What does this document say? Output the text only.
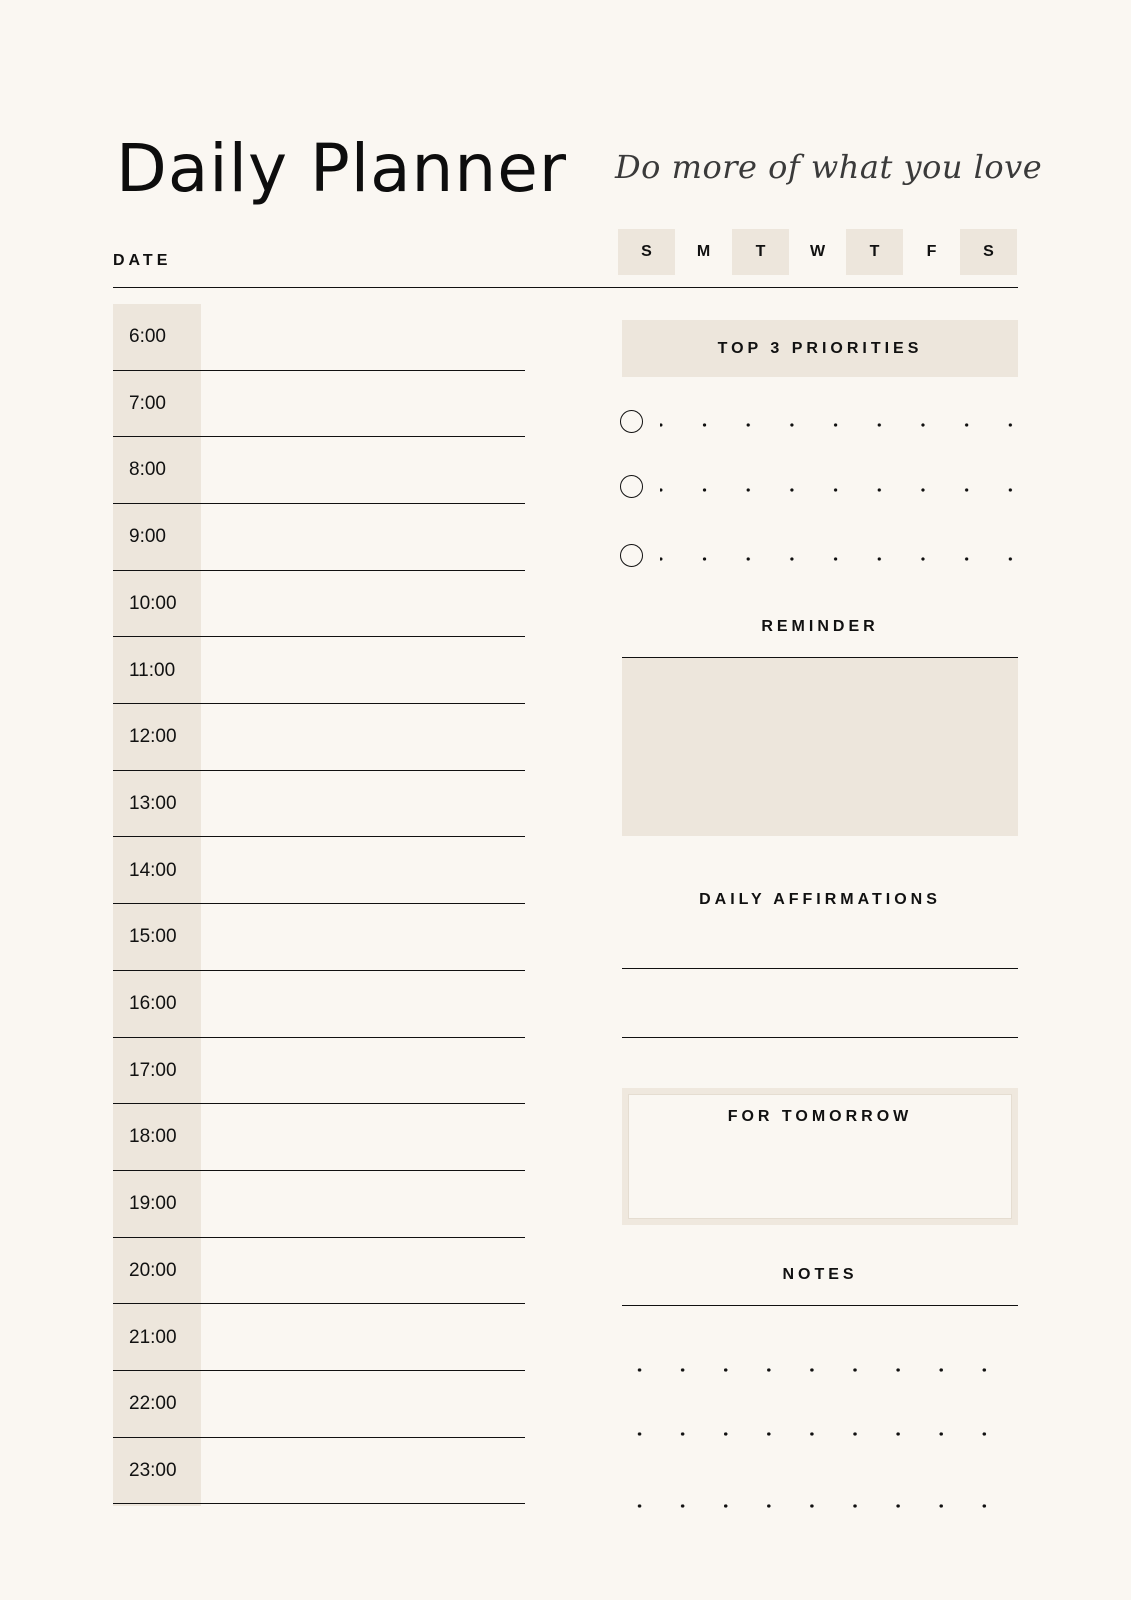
Daily Planner Do more of what you love
DATE
S	M	T	W	T	F	S
6:00
7:00
8:00
9:00
10:00
11:00
12:00
13:00
14:00
15:00
16:00
17:00
18:00
19:00
20:00
21:00
22:00
23:00
TOP 3 PRIORITIES
REMINDER
DAILY AFFIRMATIONS
FOR TOMORROW
NOTES
